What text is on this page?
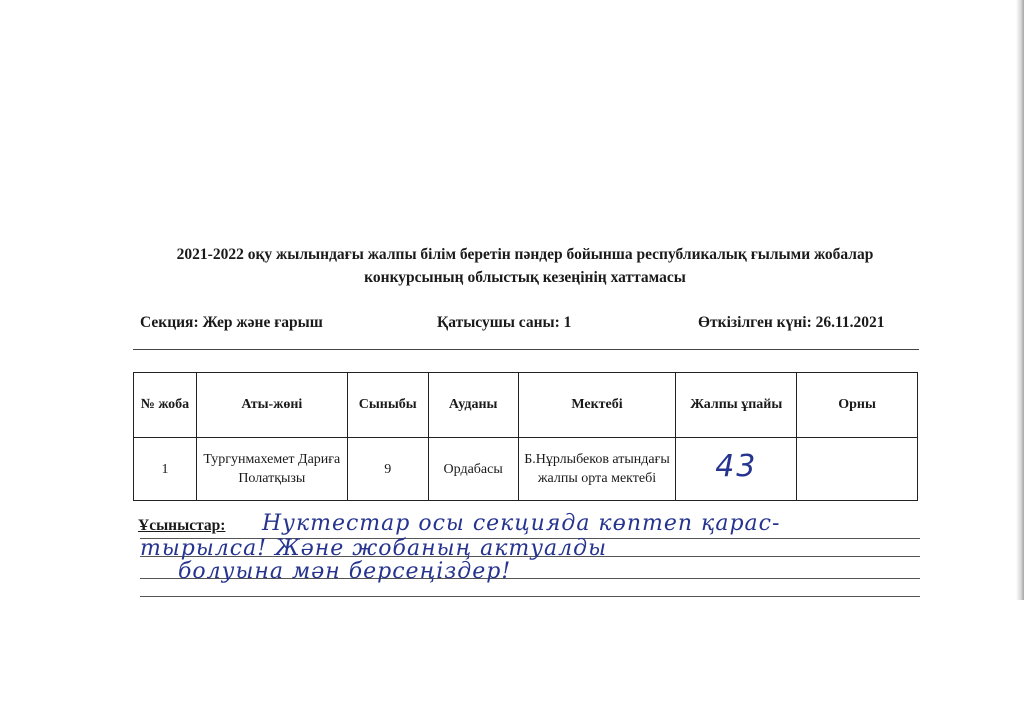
2021-2022 оқу жылындағы жалпы білім беретін пәндер бойынша республикалық ғылыми жобалар
конкурсының облыстық кезеңінің хаттамасы
Секция: Жер және ғарыш	Қатысушы саны: 1	Өткізілген күні: 26.11.2021
№ жоба	Аты-жөні	Сыныбы	Ауданы	Мектебі	Жалпы ұпайы	Орны
1	Тургунмахемет Дариға Полатқызы	9	Ордабасы	Б.Нұрлыбеков атындағы жалпы орта мектебі	43	
Ұсыныстар: Нуктестар осы секцияда көптеп қарас-
тырылса! Және жобаның актуалды
болуына мән берсеңіздер!
